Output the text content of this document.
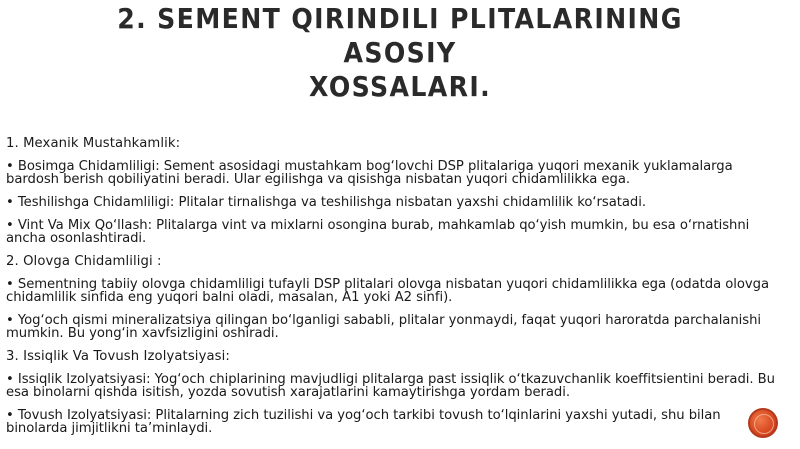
2. SEMENT QIRINDILI PLITALARINING ASOSIY
XOSSALARI.
1. Mexanik Mustahkamlik:
• Bosimga Chidamliligi: Sement asosidagi mustahkam bog‘lovchi DSP plitalariga yuqori mexanik yuklamalarga bardosh berish qobiliyatini beradi. Ular egilishga va qisishga nisbatan yuqori chidamlilikka ega.
• Teshilishga Chidamliligi: Plitalar tirnalishga va teshilishga nisbatan yaxshi chidamlilik ko‘rsatadi.
• Vint Va Mix Qo‘llash: Plitalarga vint va mixlarni osongina burab, mahkamlab qo‘yish mumkin, bu esa o‘rnatishni ancha osonlashtiradi.
2. Olovga Chidamliligi :
• Sementning tabiiy olovga chidamliligi tufayli DSP plitalari olovga nisbatan yuqori chidamlilikka ega (odatda olovga chidamlilik sinfida eng yuqori balni oladi, masalan, A1 yoki A2 sinfi).
• Yog‘och qismi mineralizatsiya qilingan bo‘lganligi sababli, plitalar yonmaydi, faqat yuqori haroratda parchalanishi mumkin. Bu yong‘in xavfsizligini oshiradi.
3. Issiqlik Va Tovush Izolyatsiyasi:
• Issiqlik Izolyatsiyasi: Yog‘och chiplarining mavjudligi plitalarga past issiqlik o‘tkazuvchanlik koeffitsientini beradi. Bu esa binolarni qishda isitish, yozda sovutish xarajatlarini kamaytirishga yordam beradi.
• Tovush Izolyatsiyasi: Plitalarning zich tuzilishi va yog‘och tarkibi tovush to‘lqinlarini yaxshi yutadi, shu bilan binolarda jimjitlikni ta’minlaydi.
